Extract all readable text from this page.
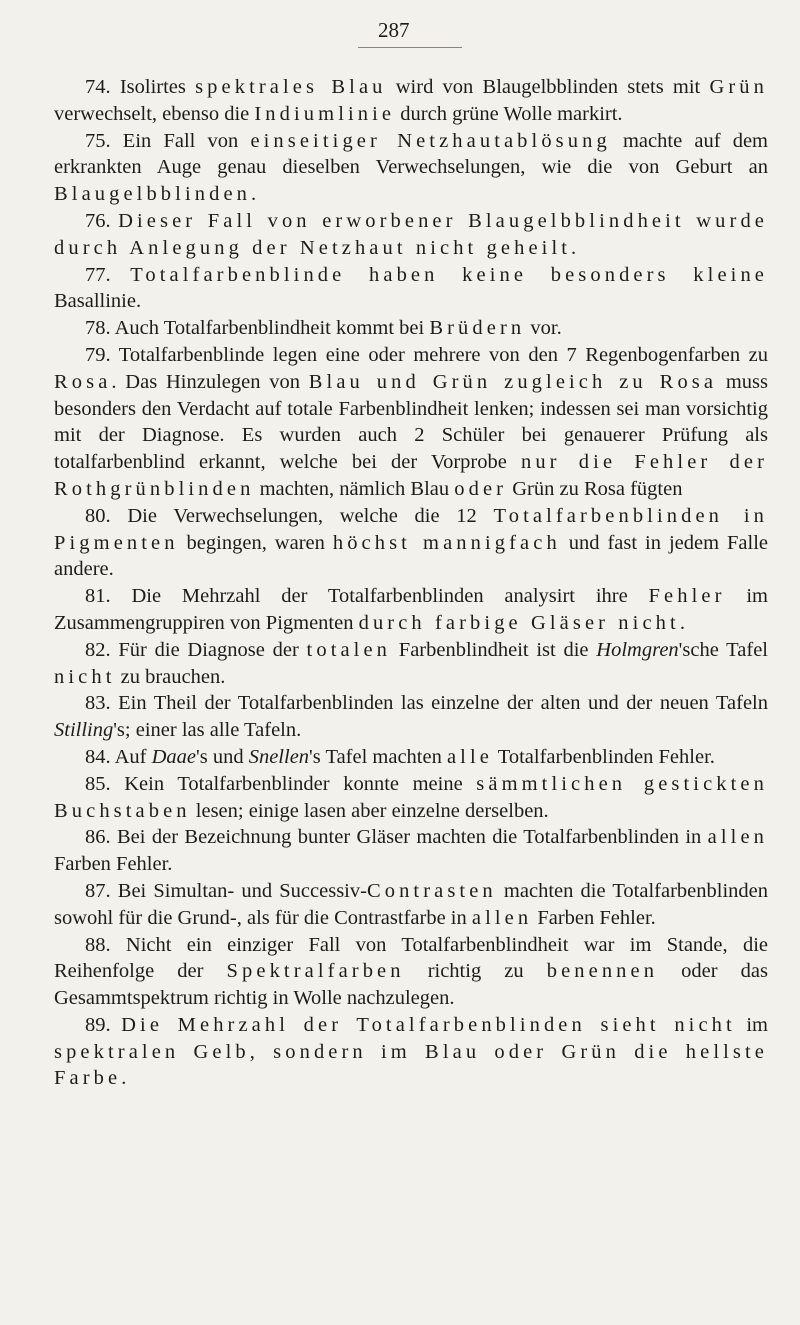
287

74. Isolirtes spektrales Blau wird von Blaugelbblinden stets mit Grün verwechselt, ebenso die Indiumlinie durch grüne Wolle markirt.

75. Ein Fall von einseitiger Netzhautablösung machte auf dem erkrankten Auge genau dieselben Verwechselungen, wie die von Geburt an Blaugelbblinden.

76. Dieser Fall von erworbener Blaugelbblindheit wurde durch Anlegung der Netzhaut nicht geheilt.

77. Totalfarbenblinde haben keine besonders kleine Basallinie.

78. Auch Totalfarbenblindheit kommt bei Brüdern vor.

79. Totalfarbenblinde legen eine oder mehrere von den 7 Regenbogenfarben zu Rosa. Das Hinzulegen von Blau und Grün zugleich zu Rosa muss besonders den Verdacht auf totale Farbenblindheit lenken; indessen sei man vorsichtig mit der Diagnose. Es wurden auch 2 Schüler bei genauerer Prüfung als totalfarbenblind erkannt, welche bei der Vorprobe nur die Fehler der Rothgrünblinden machten, nämlich Blau oder Grün zu Rosa fügten

80. Die Verwechselungen, welche die 12 Totalfarbenblinden in Pigmenten begingen, waren höchst mannigfach und fast in jedem Falle andere.

81. Die Mehrzahl der Totalfarbenblinden analysirt ihre Fehler im Zusammengruppiren von Pigmenten durch farbige Gläser nicht.

82. Für die Diagnose der totalen Farbenblindheit ist die Holmgren'sche Tafel nicht zu brauchen.

83. Ein Theil der Totalfarbenblinden las einzelne der alten und der neuen Tafeln Stilling's; einer las alle Tafeln.

84. Auf Daae's und Snellen's Tafel machten alle Totalfarbenblinden Fehler.

85. Kein Totalfarbenblinder konnte meine sämmtlichen gestickten Buchstaben lesen; einige lasen aber einzelne derselben.

86. Bei der Bezeichnung bunter Gläser machten die Totalfarbenblinden in allen Farben Fehler.

87. Bei Simultan- und Successiv-Contrasten machten die Totalfarbenblinden sowohl für die Grund-, als für die Contrastfarbe in allen Farben Fehler.

88. Nicht ein einziger Fall von Totalfarbenblindheit war im Stande, die Reihenfolge der Spektralfarben richtig zu benennen oder das Gesammtspektrum richtig in Wolle nachzulegen.

89. Die Mehrzahl der Totalfarbenblinden sieht nicht im spektralen Gelb, sondern im Blau oder Grün die hellste Farbe.
